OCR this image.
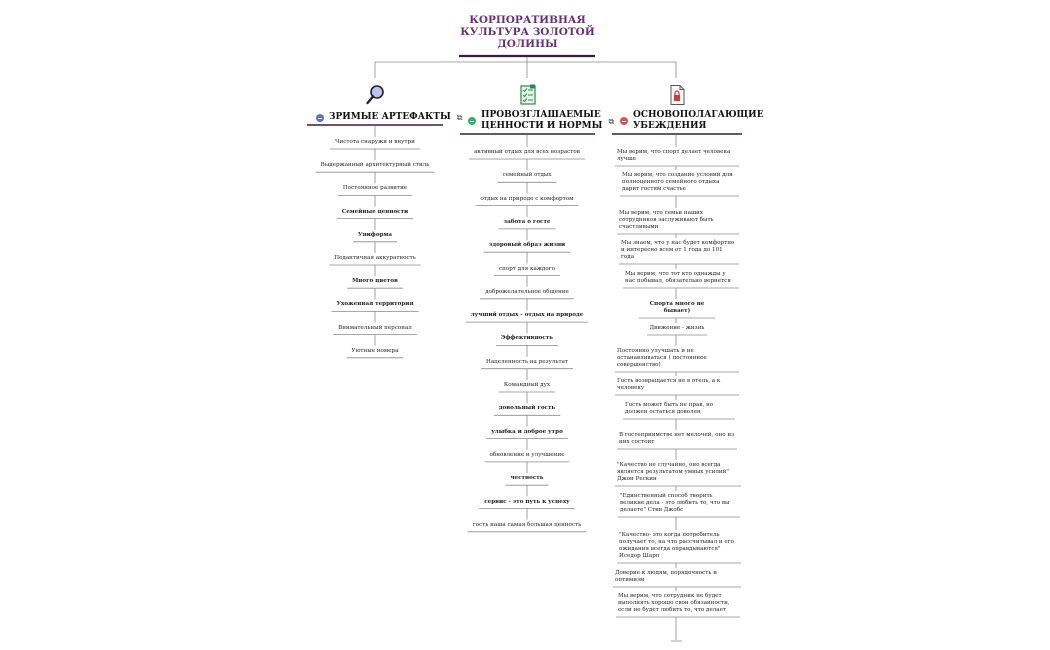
КОРПОРАТИВНАЯ
КУЛЬТУРА ЗОЛОТОЙ
ДОЛИНЫ
ЗРИМЫЕ АРТЕФАКТЫ ⧉	ПРОВОЗГЛАШАЕМЫЕ
ЦЕННОСТИ И НОРМЫ ⧉
ОСНОВОПОЛАГАЮЩИЕ
УБЕЖДЕНИЯ
Чистота снаружи и внутри
Выдержанный архитектурный стиль
Постоянное развитие
Семейные ценности
Униформа
Педантичная аккуратность
Много цветов
Ухоженная территория
Внимательный персонал
Уютные номера
активный отдых для всех возрастов
семейный отдых
отдых на природе с комфортом
забота о госте
здоровый образ жизни
спорт для каждого
доброжелательное общение
лучший отдых - отдых на природе
Эффективность
Нацеленность на результат
Командный дух
довольный гость
улыбка и доброе утро
обновление и улучшение
честность
сервис - это путь к успеху
гость наша самая большая ценность
Мы верим, что спорт делает человека лучше
Мы верим, что создание условий для полноценного семейного отдыха дарит гостям счастье
Мы верим, что семьи наших сотрудников заслуживают быть счастливыми
Мы знаем, что у нас будет комфортно и интересно всем от 1 года до 101 года
Мы верим, что тот кто однажды у нас побывал, обязательно вернется
Спорта много не бывает)
Движение - жизнь
Постоянно улучшать и не останавливаться ( постоянное совершенство)
Гость возвращается не в отель, а к человеку
Гость может быть не прав, но должен остаться доволен
В гостеприимстве нет мелочей, оно из них состоит
"Качество не случайно, оно всегда является результатом умных усилий" Джон Рескин
"Единственный способ творить великие дела - это любить то, что вы делаете" Стив Джобс
"Качество- это когда потребитель получает то, на что рассчитывал и его ожидания всегда оправдываются" Иседор Шарп
Доверие к людям, порядочность и оптимизм
Мы верим, что сотрудник не будет выполнять хорошо свои обязанности, если не будет любить то, что делает
